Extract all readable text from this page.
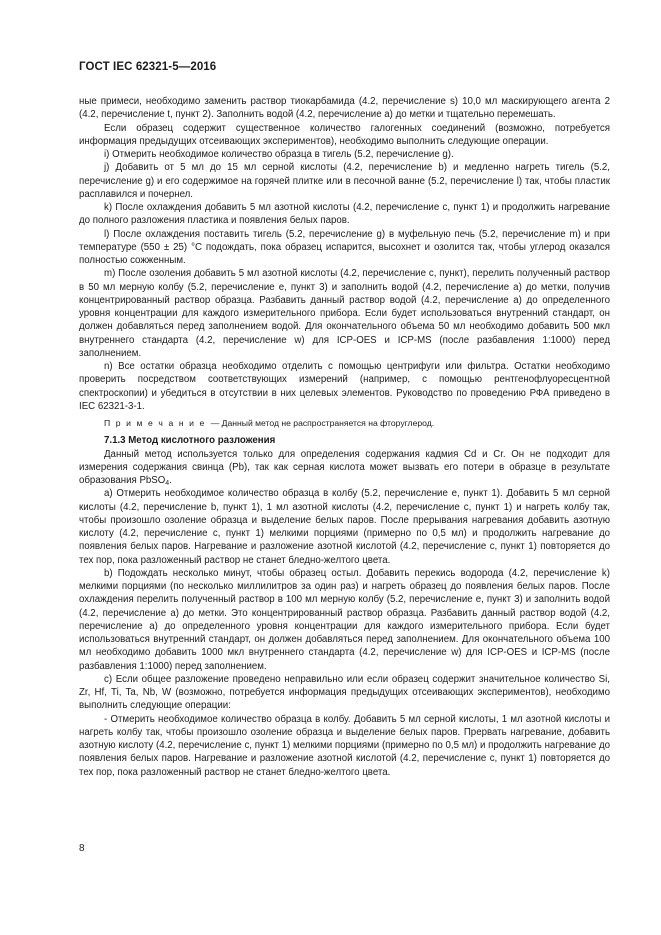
ГОСТ IEC 62321-5—2016

ные примеси, необходимо заменить раствор тиокарбамида (4.2, перечисление s) 10,0 мл маскирующего агента 2 (4.2, перечисление t, пункт 2). Заполнить водой (4.2, перечисление a) до метки и тщательно перемешать.

Если образец содержит существенное количество галогенных соединений (возможно, потребуется информация предыдущих отсеивающих экспериментов), необходимо выполнить следующие операции.

i) Отмерить необходимое количество образца в тигель (5.2, перечисление g).

j) Добавить от 5 мл до 15 мл серной кислоты (4.2, перечисление b) и медленно нагреть тигель (5.2, перечисление g) и его содержимое на горячей плитке или в песочной ванне (5.2, перечисление l) так, чтобы пластик расплавился и почернел.

k) После охлаждения добавить 5 мл азотной кислоты (4.2, перечисление c, пункт 1) и продолжить нагревание до полного разложения пластика и появления белых паров.

l) После охлаждения поставить тигель (5.2, перечисление g) в муфельную печь (5.2, перечисление m) и при температуре (550 ± 25) °С подождать, пока образец испарится, высохнет и озолится так, чтобы углерод оказался полностью сожженным.

m) После озоления добавить 5 мл азотной кислоты (4.2, перечисление c, пункт), перелить полученный раствор в 50 мл мерную колбу (5.2, перечисление e, пункт 3) и заполнить водой (4.2, перечисление a) до метки, получив концентрированный раствор образца. Разбавить данный раствор водой (4.2, перечисление a) до определенного уровня концентрации для каждого измерительного прибора. Если будет использоваться внутренний стандарт, он должен добавляться перед заполнением водой. Для окончательного объема 50 мл необходимо добавить 500 мкл внутреннего стандарта (4.2, перечисление w) для ICP-OES и ICP-MS (после разбавления 1:1000) перед заполнением.

n) Все остатки образца необходимо отделить с помощью центрифуги или фильтра. Остатки необходимо проверить посредством соответствующих измерений (например, с помощью рентгенофлуоресцентной спектроскопии) и убедиться в отсутствии в них целевых элементов. Руководство по проведению РФА приведено в IEC 62321-3-1.

П р и м е ч а н и е — Данный метод не распространяется на фторуглерод.

7.1.3 Метод кислотного разложения

Данный метод используется только для определения содержания кадмия Cd и Cr. Он не подходит для измерения содержания свинца (Pb), так как серная кислота может вызвать его потери в образце в результате образования PbSO$_4$.

a) Отмерить необходимое количество образца в колбу (5.2, перечисление e, пункт 1). Добавить 5 мл серной кислоты (4.2, перечисление b, пункт 1), 1 мл азотной кислоты (4.2, перечисление c, пункт 1) и нагреть колбу так, чтобы произошло озоление образца и выделение белых паров. После прерывания нагревания добавить азотную кислоту (4.2, перечисление c, пункт 1) мелкими порциями (примерно по 0,5 мл) и продолжить нагревание до появления белых паров. Нагревание и разложение азотной кислотой (4.2, перечисление c, пункт 1) повторяется до тех пор, пока разложенный раствор не станет бледно-желтого цвета.

b) Подождать несколько минут, чтобы образец остыл. Добавить перекись водорода (4.2, перечисление k) мелкими порциями (по несколько миллилитров за один раз) и нагреть образец до появления белых паров. После охлаждения перелить полученный раствор в 100 мл мерную колбу (5.2, перечисление e, пункт 3) и заполнить водой (4.2, перечисление a) до метки. Это концентрированный раствор образца. Разбавить данный раствор водой (4.2, перечисление a) до определенного уровня концентрации для каждого измерительного прибора. Если будет использоваться внутренний стандарт, он должен добавляться перед заполнением. Для окончательного объема 100 мл необходимо добавить 1000 мкл внутреннего стандарта (4.2, перечисление w) для ICP-OES и ICP-MS (после разбавления 1:1000) перед заполнением.

c) Если общее разложение проведено неправильно или если образец содержит значительное количество Si, Zr, Hf, Ti, Ta, Nb, W (возможно, потребуется информация предыдущих отсеивающих экспериментов), необходимо выполнить следующие операции:

- Отмерить необходимое количество образца в колбу. Добавить 5 мл серной кислоты, 1 мл азотной кислоты и нагреть колбу так, чтобы произошло озоление образца и выделение белых паров. Прервать нагревание, добавить азотную кислоту (4.2, перечисление c, пункт 1) мелкими порциями (примерно по 0,5 мл) и продолжить нагревание до появления белых паров. Нагревание и разложение азотной кислотой (4.2, перечисление c, пункт 1) повторяется до тех пор, пока разложенный раствор не станет бледно-желтого цвета.

8
